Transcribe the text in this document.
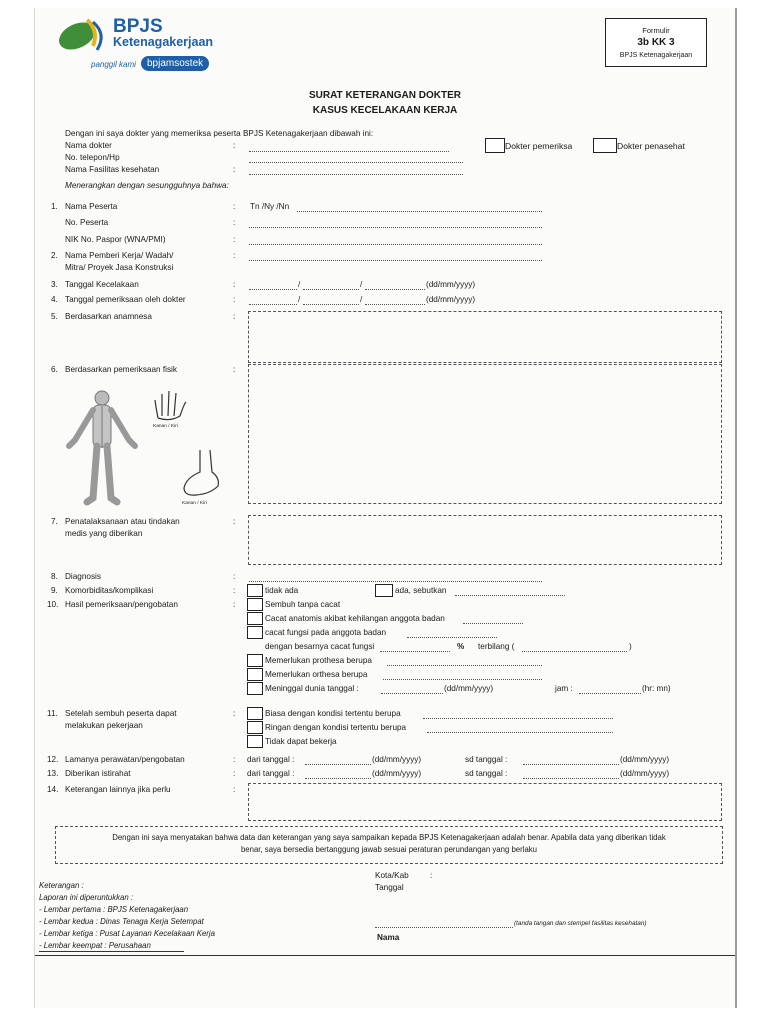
BPJS
Ketenagakerjaan
panggil kami	bpjamsostek
Formulir
3b KK 3
BPJS Ketenagakerjaan
SURAT KETERANGAN DOKTER
KASUS KECELAKAAN KERJA
Dengan ini saya dokter yang memeriksa peserta BPJS Ketenagakerjaan dibawah ini:
Nama dokter	:
No. telepon/Hp
Nama Fasilitas kesehatan	:
Dokter pemeriksa	Dokter penasehat
Menerangkan dengan sesungguhnya bahwa:
1. Nama Peserta	: Tn /Ny /Nn
No. Peserta	:
NIK No. Paspor (WNA/PMI)	:
2. Nama Pemberi Kerja/ Wadah/
Mitra/ Proyek Jasa Konstruksi
:
3. Tanggal Kecelakaan	:	/	/	(dd/mm/yyyy)
4. Tanggal pemeriksaan oleh dokter	:	/	/	(dd/mm/yyyy)
5. Berdasarkan anamnesa	:
6. Berdasarkan pemeriksaan fisik	:
Kanan / Kiri
Kanan / Kiri
7. Penatalaksanaan atau tindakan
medis yang diberikan
:
8. Diagnosis	:
9. Komorbiditas/komplikasi	:	tidak ada	ada, sebutkan
10. Hasil pemeriksaan/pengobatan	:	Sembuh tanpa cacat
Cacat anatomis akibat kehilangan anggota badan
cacat fungsi pada anggota badan
dengan besarnya cacat fungsi	% terbilang (	)
Memerlukan prothesa berupa
Memerlukan orthesa berupa
Meninggal dunia tanggal :	(dd/mm/yyyy)	jam :	(hr: mn)
11. Setelah sembuh peserta dapat
melakukan pekerjaan
:	Biasa dengan kondisi tertentu berupa
Ringan dengan kondisi tertentu berupa
Tidak dapat bekerja
12. Lamanya perawatan/pengobatan	: dari tanggal :	(dd/mm/yyyy)	sd tanggal :	(dd/mm/yyyy)
13. Diberikan istirahat	: dari tanggal :	(dd/mm/yyyy)	sd tanggal :	(dd/mm/yyyy)
14. Keterangan lainnya jika perlu	:
Dengan ini saya menyatakan bahwa data dan keterangan yang saya sampaikan kepada BPJS Ketenagakerjaan adalah benar. Apabila data yang diberikan tidak
benar, saya bersedia bertanggung jawab sesuai peraturan perundangan yang berlaku
Kota/Kab	:
Tanggal
Keterangan :
Laporan ini diperuntukkan :
- Lembar pertama : BPJS Ketenagakerjaan
- Lembar kedua : Dinas Tenaga Kerja Setempat
- Lembar ketiga : Pusat Layanan Kecelakaan Kerja
- Lembar keempat : Perusahaan
(tanda tangan dan stempel fasilitas kesehatan)
Nama
